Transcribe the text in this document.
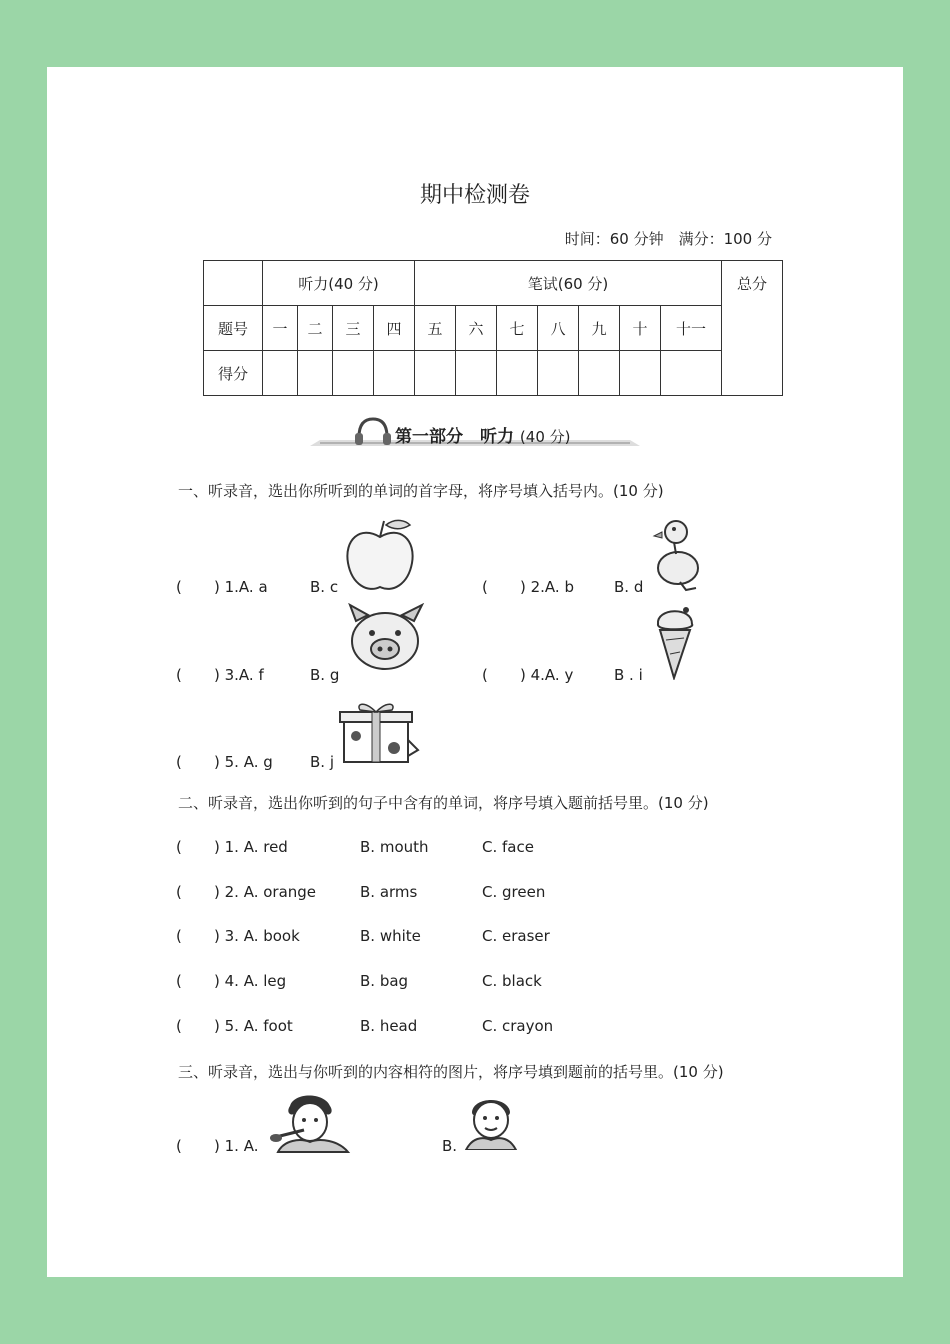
期中检测卷
时间：60 分钟　满分：100 分
	听力(40 分)				笔试(60 分)							总分
题号	一	二	三	四	五	六	七	八	九	十	十一	
得分												
第一部分　听力 (40 分)
一、听录音，选出你所听到的单词的首字母，将序号填入括号内。(10 分)
( ) 1.A. a	B. c	( ) 2.A. b	B. d
( ) 3.A. f	B. g	( ) 4.A. y	B . i
( ) 5. A. g B. j
二、听录音，选出你听到的句子中含有的单词，将序号填入题前括号里。(10 分)
( ) 1. A. red	B. mouth	C. face
( ) 2. A. orange	B. arms	C. green
( ) 3. A. book	B. white	C. eraser
( ) 4. A. leg	B. bag	C. black
( ) 5. A. foot	B. head	C. crayon
三、听录音，选出与你听到的内容相符的图片，将序号填到题前的括号里。(10 分)
( ) 1. A.	B.
